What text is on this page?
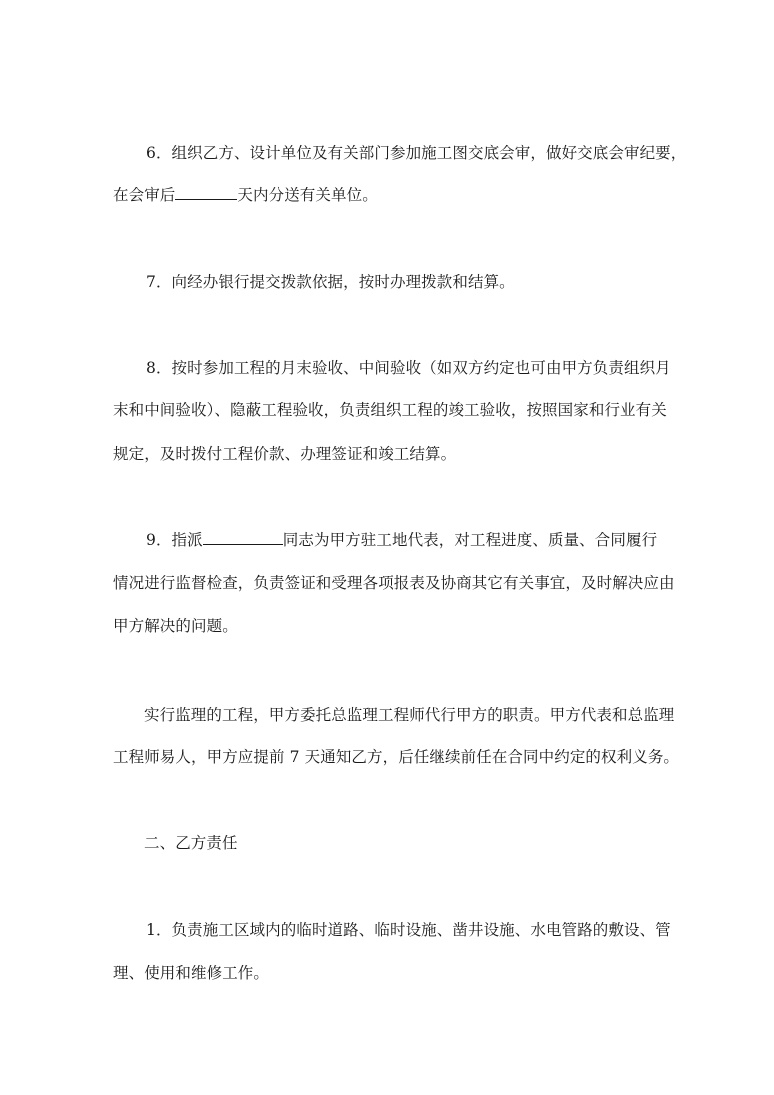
6．组织乙方、设计单位及有关部门参加施工图交底会审，做好交底会审纪要，
在会审后	天内分送有关单位。
7．向经办银行提交拨款依据，按时办理拨款和结算。
8．按时参加工程的月末验收、中间验收（如双方约定也可由甲方负责组织月
末和中间验收）、隐蔽工程验收，负责组织工程的竣工验收，按照国家和行业有关
规定，及时拨付工程价款、办理签证和竣工结算。
9．指派	同志为甲方驻工地代表，对工程进度、质量、合同履行
情况进行监督检查，负责签证和受理各项报表及协商其它有关事宜，及时解决应由
甲方解决的问题。
实行监理的工程，甲方委托总监理工程师代行甲方的职责。甲方代表和总监理
工程师易人，甲方应提前 7 天通知乙方，后任继续前任在合同中约定的权利义务。
二、乙方责任
1．负责施工区域内的临时道路、临时设施、凿井设施、水电管路的敷设、管
理、使用和维修工作。
